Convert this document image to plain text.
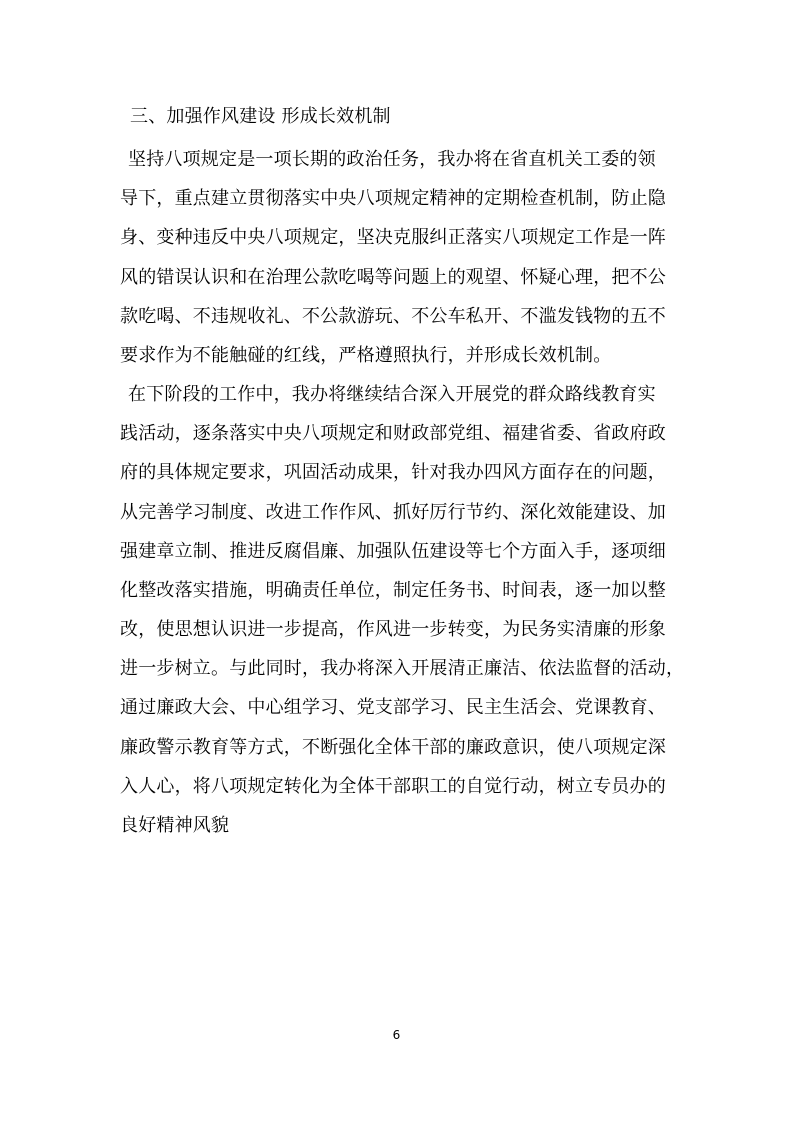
三、加强作风建设 形成长效机制
坚持八项规定是一项长期的政治任务，我办将在省直机关工委的领
导下，重点建立贯彻落实中央八项规定精神的定期检查机制，防止隐
身、变种违反中央八项规定，坚决克服纠正落实八项规定工作是一阵
风的错误认识和在治理公款吃喝等问题上的观望、怀疑心理，把不公
款吃喝、不违规收礼、不公款游玩、不公车私开、不滥发钱物的五不
要求作为不能触碰的红线，严格遵照执行，并形成长效机制。
在下阶段的工作中，我办将继续结合深入开展党的群众路线教育实
践活动，逐条落实中央八项规定和财政部党组、福建省委、省政府政
府的具体规定要求，巩固活动成果，针对我办四风方面存在的问题，
从完善学习制度、改进工作作风、抓好厉行节约、深化效能建设、加
强建章立制、推进反腐倡廉、加强队伍建设等七个方面入手，逐项细
化整改落实措施，明确责任单位，制定任务书、时间表，逐一加以整
改，使思想认识进一步提高，作风进一步转变，为民务实清廉的形象
进一步树立。与此同时，我办将深入开展清正廉洁、依法监督的活动，
通过廉政大会、中心组学习、党支部学习、民主生活会、党课教育、
廉政警示教育等方式，不断强化全体干部的廉政意识，使八项规定深
入人心，将八项规定转化为全体干部职工的自觉行动，树立专员办的
良好精神风貌
6
